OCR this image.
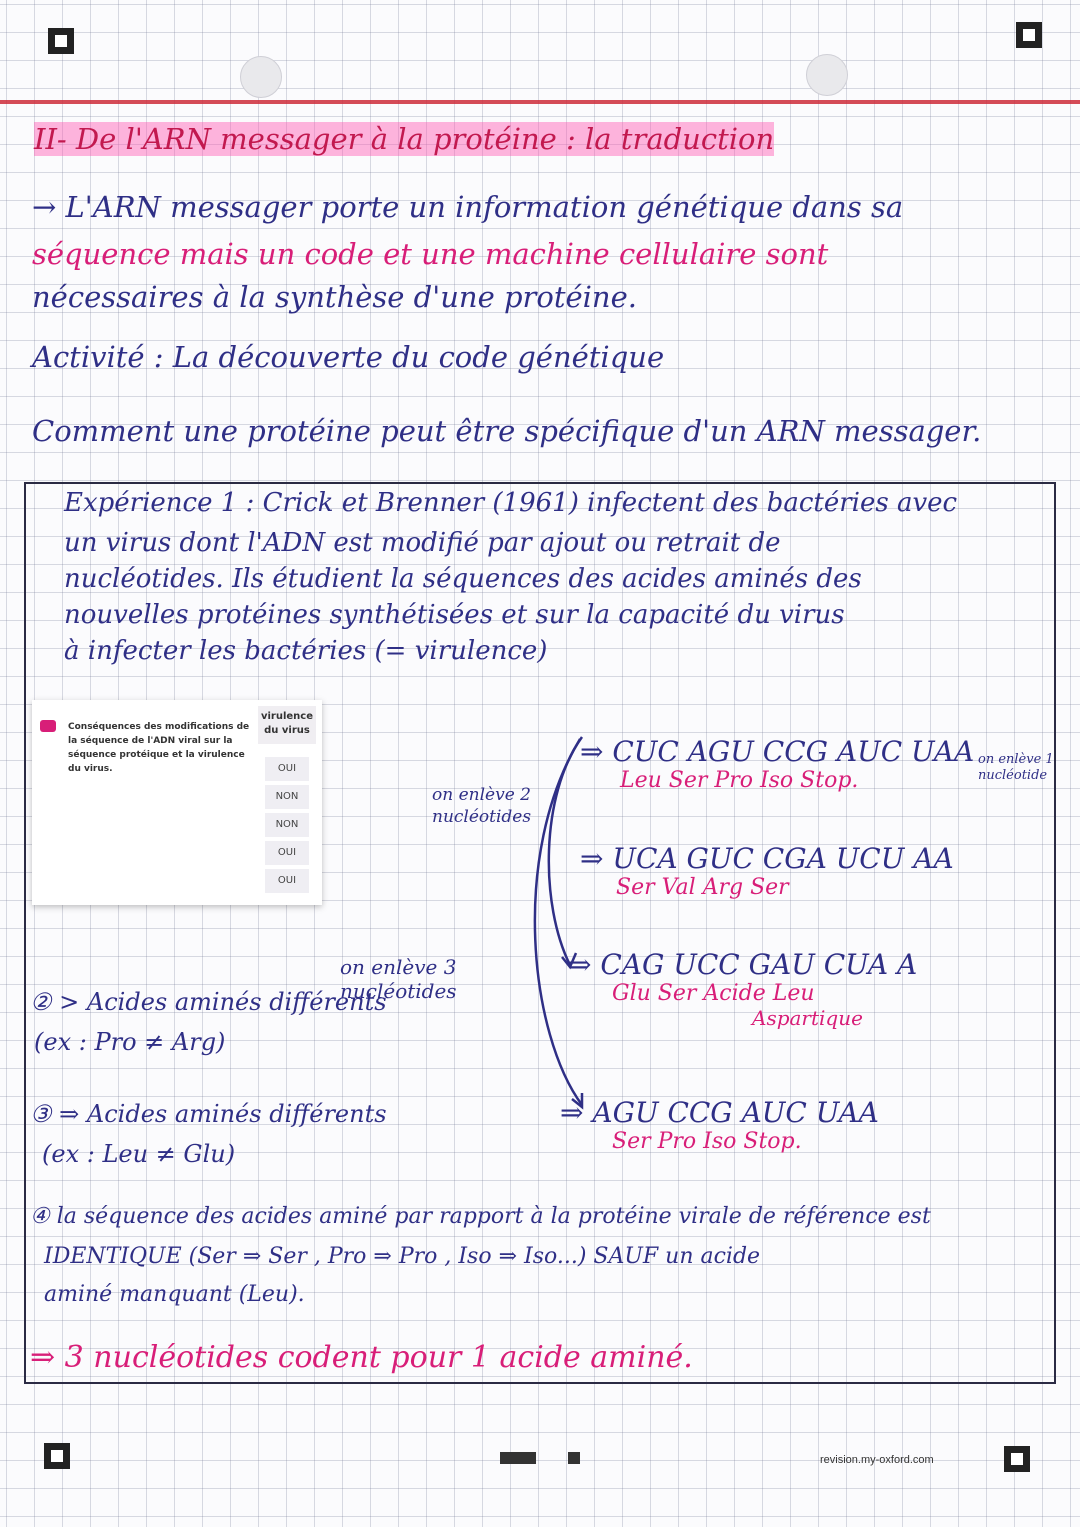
II- De l'ARN messager à la protéine : la traduction
→ L'ARN messager porte un information génétique dans sa
séquence mais un code et une machine cellulaire sont
nécessaires à la synthèse d'une protéine.
Activité : La découverte du code génétique
Comment une protéine peut être spécifique d'un ARN messager.
Expérience 1 : Crick et Brenner (1961) infectent des bactéries avec
un virus dont l'ADN est modifié par ajout ou retrait de
nucléotides. Ils étudient la séquences des acides aminés des
nouvelles protéines synthétisées et sur la capacité du virus
à infecter les bactéries (= virulence)
Conséquences des modifications de la séquence de l'ADN viral sur la séquence protéique et la virulence du virus.
virulence du virus
OUI
NON
NON
OUI
OUI
on enlève 2 nucléotides
on enlève 3 nucléotides
on enlève 1 nucléotide
⇒ CUC AGU CCG AUC UAA
Leu Ser Pro Iso Stop.
⇒ UCA GUC CGA UCU AA
Ser Val Arg Ser
⇒ CAG UCC GAU CUA A
Glu Ser Acide Leu
Aspartique
⇒ AGU CCG AUC UAA
Ser Pro Iso Stop.
② > Acides aminés différents
(ex : Pro ≠ Arg)
③ ⇒ Acides aminés différents
(ex : Leu ≠ Glu)
④ la séquence des acides aminé par rapport à la protéine virale de référence est
IDENTIQUE (Ser ⇒ Ser , Pro ⇒ Pro , Iso ⇒ Iso...) SAUF un acide
aminé manquant (Leu).
⇒ 3 nucléotides codent pour 1 acide aminé.
revision.my-oxford.com
